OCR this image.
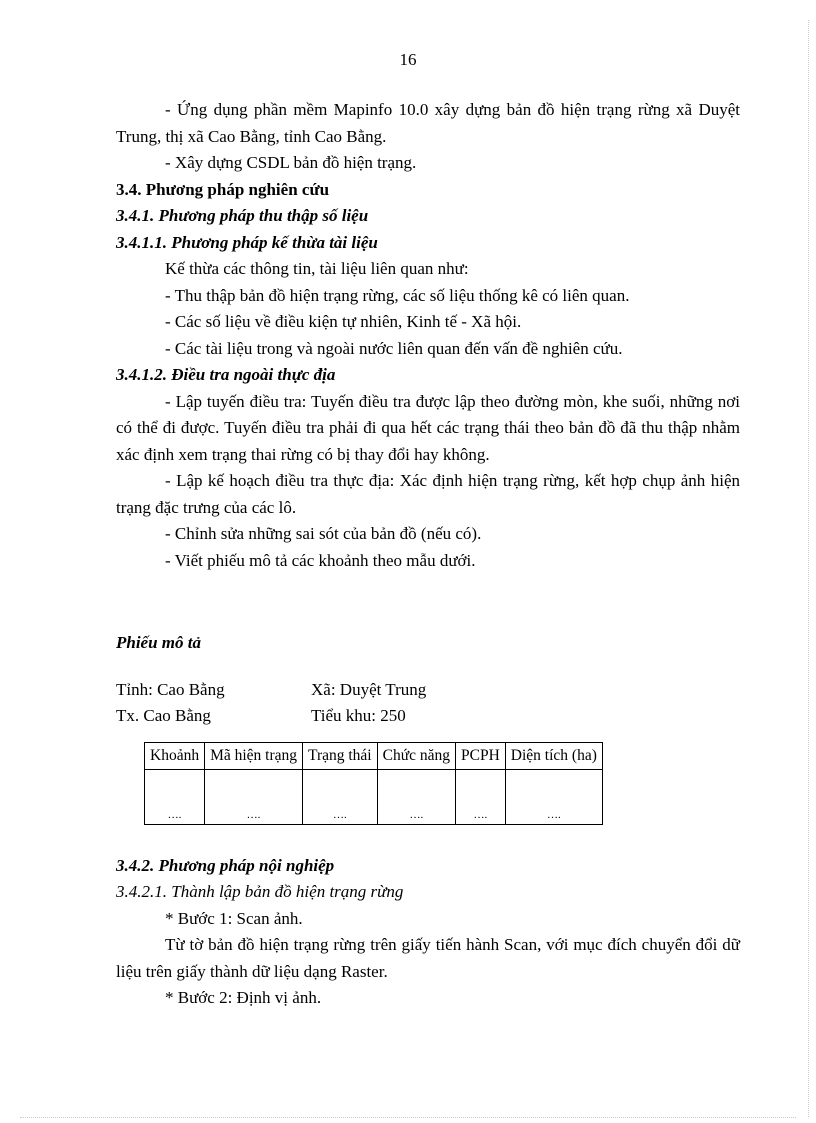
16

- Ứng dụng phần mềm Mapinfo 10.0 xây dựng bản đồ hiện trạng rừng xã Duyệt Trung, thị xã Cao Bằng, tỉnh Cao Bằng.

- Xây dựng CSDL bản đồ hiện trạng.

3.4. Phương pháp nghiên cứu

3.4.1. Phương pháp thu thập số liệu

3.4.1.1. Phương pháp kế thừa tài liệu

Kế thừa các thông tin, tài liệu liên quan như:

- Thu thập bản đồ hiện trạng rừng, các số liệu thống kê có liên quan.

- Các số liệu về điều kiện tự nhiên, Kinh tế - Xã hội.

- Các tài liệu trong và ngoài nước liên quan đến vấn đề nghiên cứu.

3.4.1.2. Điều tra ngoài thực địa

- Lập tuyến điều tra: Tuyến điều tra được lập theo đường mòn, khe suối, những nơi có thể đi được. Tuyến điều tra phải đi qua hết các trạng thái theo bản đồ đã thu thập nhằm xác định xem trạng thai rừng có bị thay đổi hay không.

- Lập kế hoạch điều tra thực địa: Xác định hiện trạng rừng, kết hợp chụp ảnh hiện trạng đặc trưng của các lô.

- Chỉnh sửa những sai sót của bản đồ (nếu có).

- Viết phiếu mô tả các khoảnh theo mẫu dưới.

Phiếu mô tả

Tỉnh: Cao Bằng	Xã: Duyệt Trung
Tx. Cao Bằng	Tiểu khu: 250
Khoảnh	Mã hiện trạng	Trạng thái	Chức năng	PCPH	Diện tích (ha)
….	….	….	….	….	….

3.4.2. Phương pháp nội nghiệp

3.4.2.1. Thành lập bản đồ hiện trạng rừng

* Bước 1: Scan ảnh.

Từ tờ bản đồ hiện trạng rừng trên giấy tiến hành Scan, với mục đích chuyển đổi dữ liệu trên giấy thành dữ liệu dạng Raster.

* Bước 2: Định vị ảnh.
